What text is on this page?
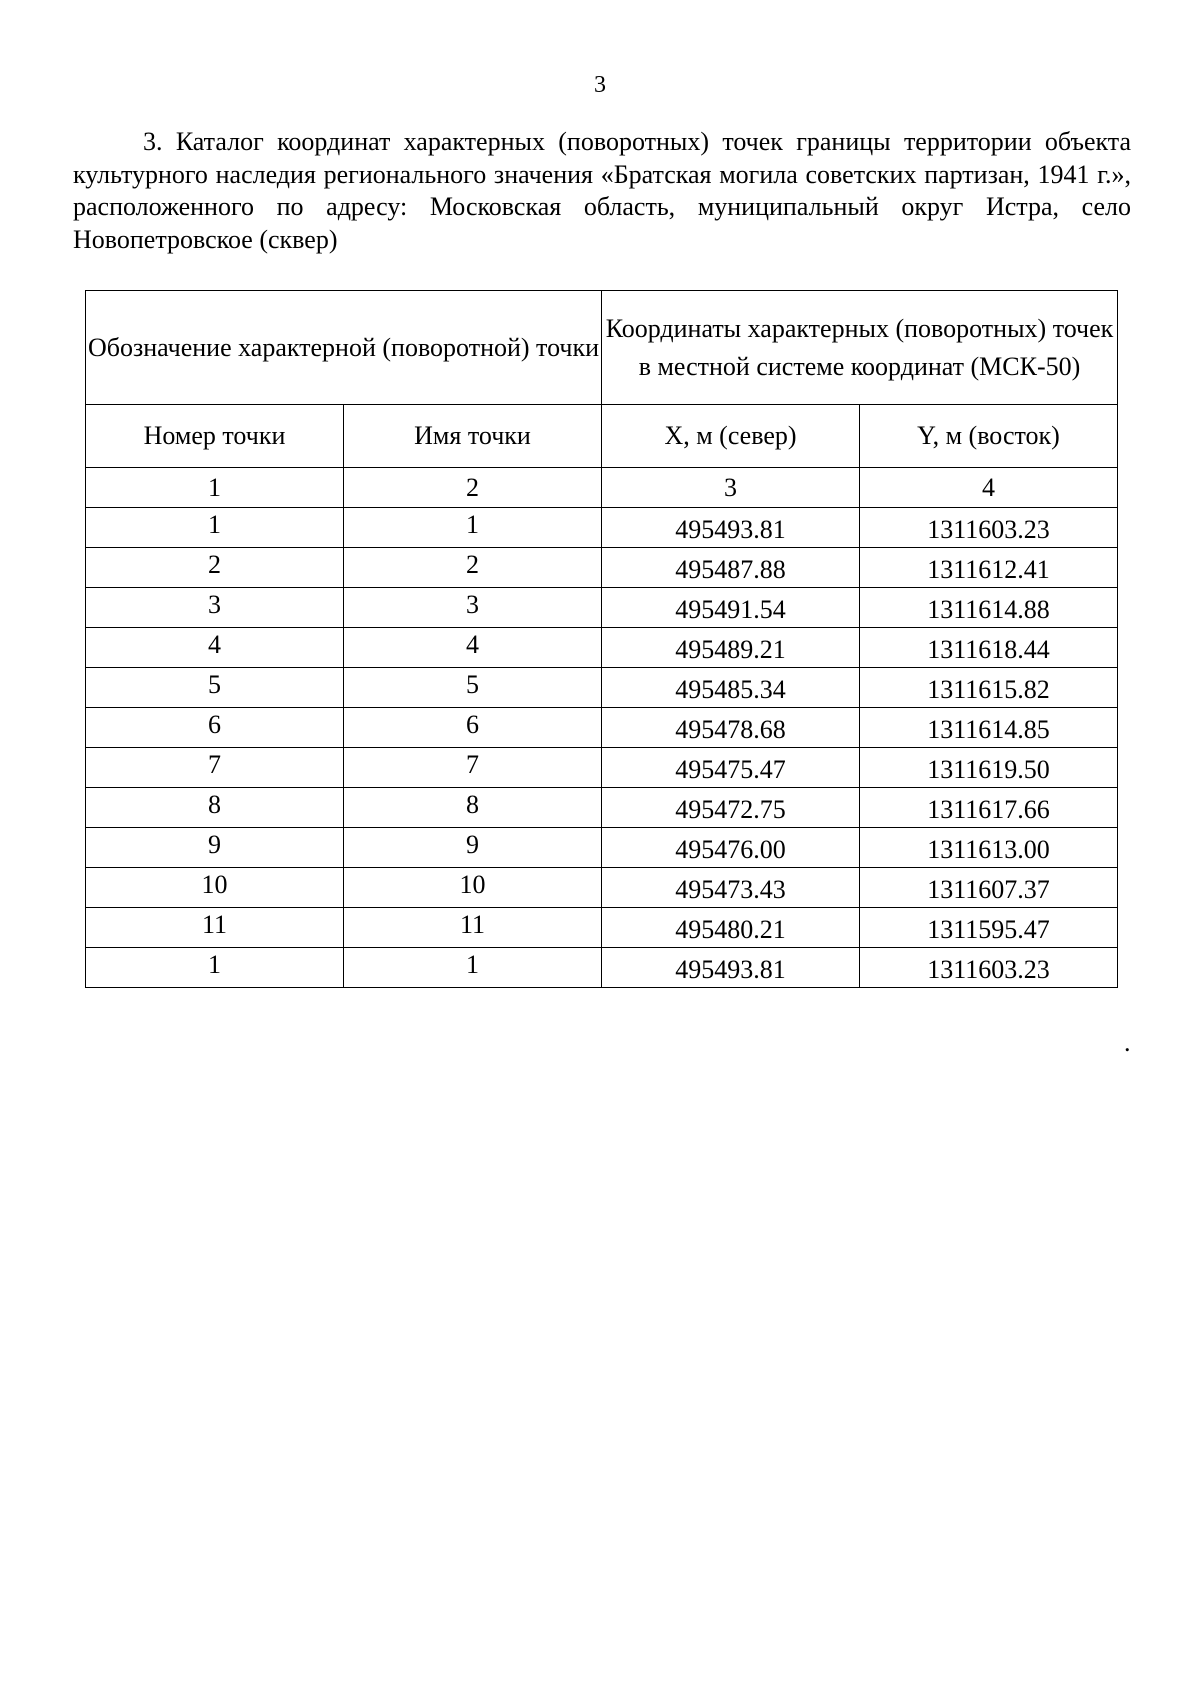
3

3. Каталог координат характерных (поворотных) точек границы территории объекта культурного наследия регионального значения «Братская могила советских партизан, 1941 г.», расположенного по адресу: Московская область, муниципальный округ Истра, село Новопетровское (сквер)

Обозначение характерной (поворотной) точки		Координаты характерных (поворотных) точек в местной системе координат (МСК-50)	
Номер точки	Имя точки	X, м (север)	Y, м (восток)
1	2	3	4
1	1	495493.81	1311603.23
2	2	495487.88	1311612.41
3	3	495491.54	1311614.88
4	4	495489.21	1311618.44
5	5	495485.34	1311615.82
6	6	495478.68	1311614.85
7	7	495475.47	1311619.50
8	8	495472.75	1311617.66
9	9	495476.00	1311613.00
10	10	495473.43	1311607.37
11	11	495480.21	1311595.47
1	1	495493.81	1311603.23
.
